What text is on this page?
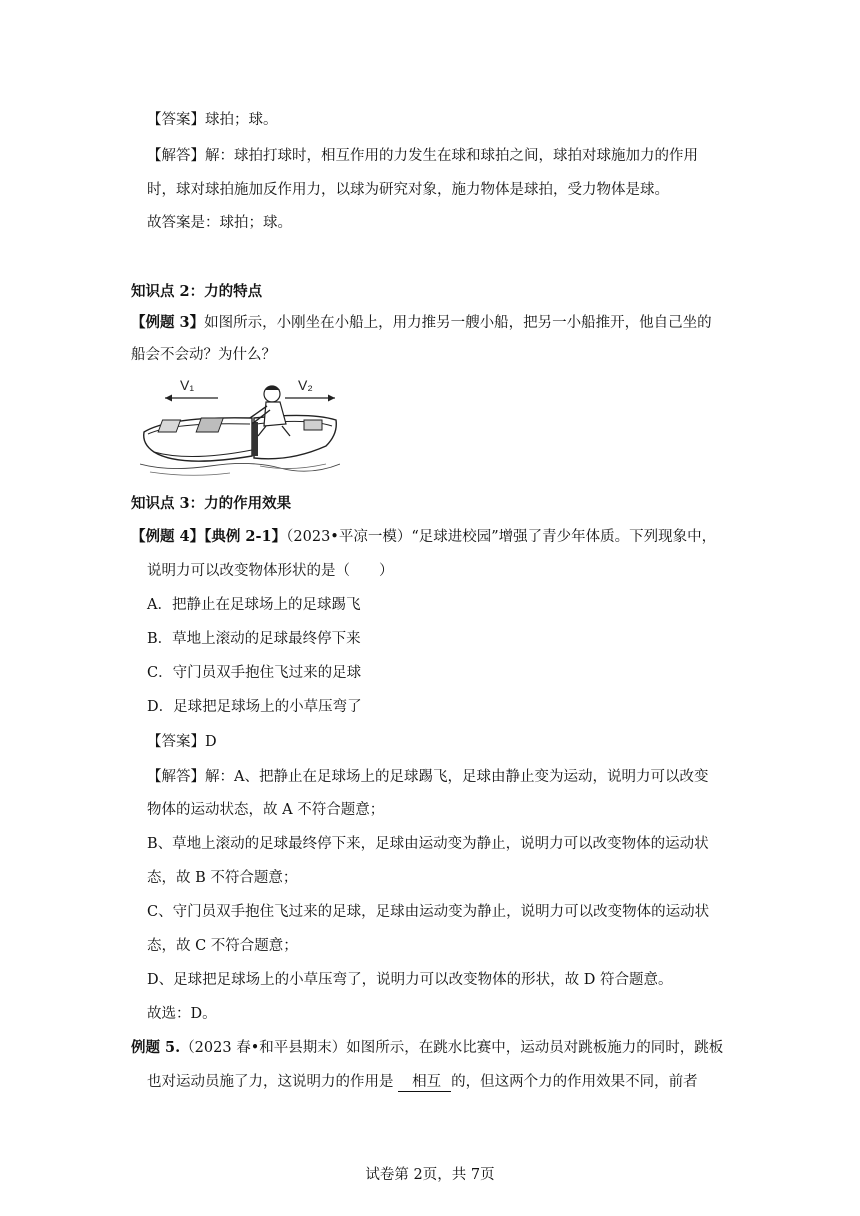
【答案】球拍；球。
【解答】解：球拍打球时，相互作用的力发生在球和球拍之间，球拍对球施加力的作用
时，球对球拍施加反作用力，以球为研究对象，施力物体是球拍，受力物体是球。
故答案是：球拍；球。
知识点 2：力的特点
【例题 3】如图所示，小刚坐在小船上，用力推另一艘小船，把另一小船推开，他自己坐的
船会不会动？为什么？
V₁	V₂
知识点 3：力的作用效果
【例题 4】【典例 2-1】（2023•平凉一模）“足球进校园”增强了青少年体质。下列现象中，
说明力可以改变物体形状的是（　　）
A．把静止在足球场上的足球踢飞
B．草地上滚动的足球最终停下来
C．守门员双手抱住飞过来的足球
D．足球把足球场上的小草压弯了
【答案】D
【解答】解：A、把静止在足球场上的足球踢飞，足球由静止变为运动，说明力可以改变
物体的运动状态，故 A 不符合题意；
B、草地上滚动的足球最终停下来，足球由运动变为静止，说明力可以改变物体的运动状
态，故 B 不符合题意；
C、守门员双手抱住飞过来的足球，足球由运动变为静止，说明力可以改变物体的运动状
态，故 C 不符合题意；
D、足球把足球场上的小草压弯了，说明力可以改变物体的形状，故 D 符合题意。
故选：D。
例题 5.（2023 春•和平县期末）如图所示，在跳水比赛中，运动员对跳板施力的同时，跳板
也对运动员施了力，这说明力的作用是 相互 的，但这两个力的作用效果不同，前者
试卷第 2页，共 7页
